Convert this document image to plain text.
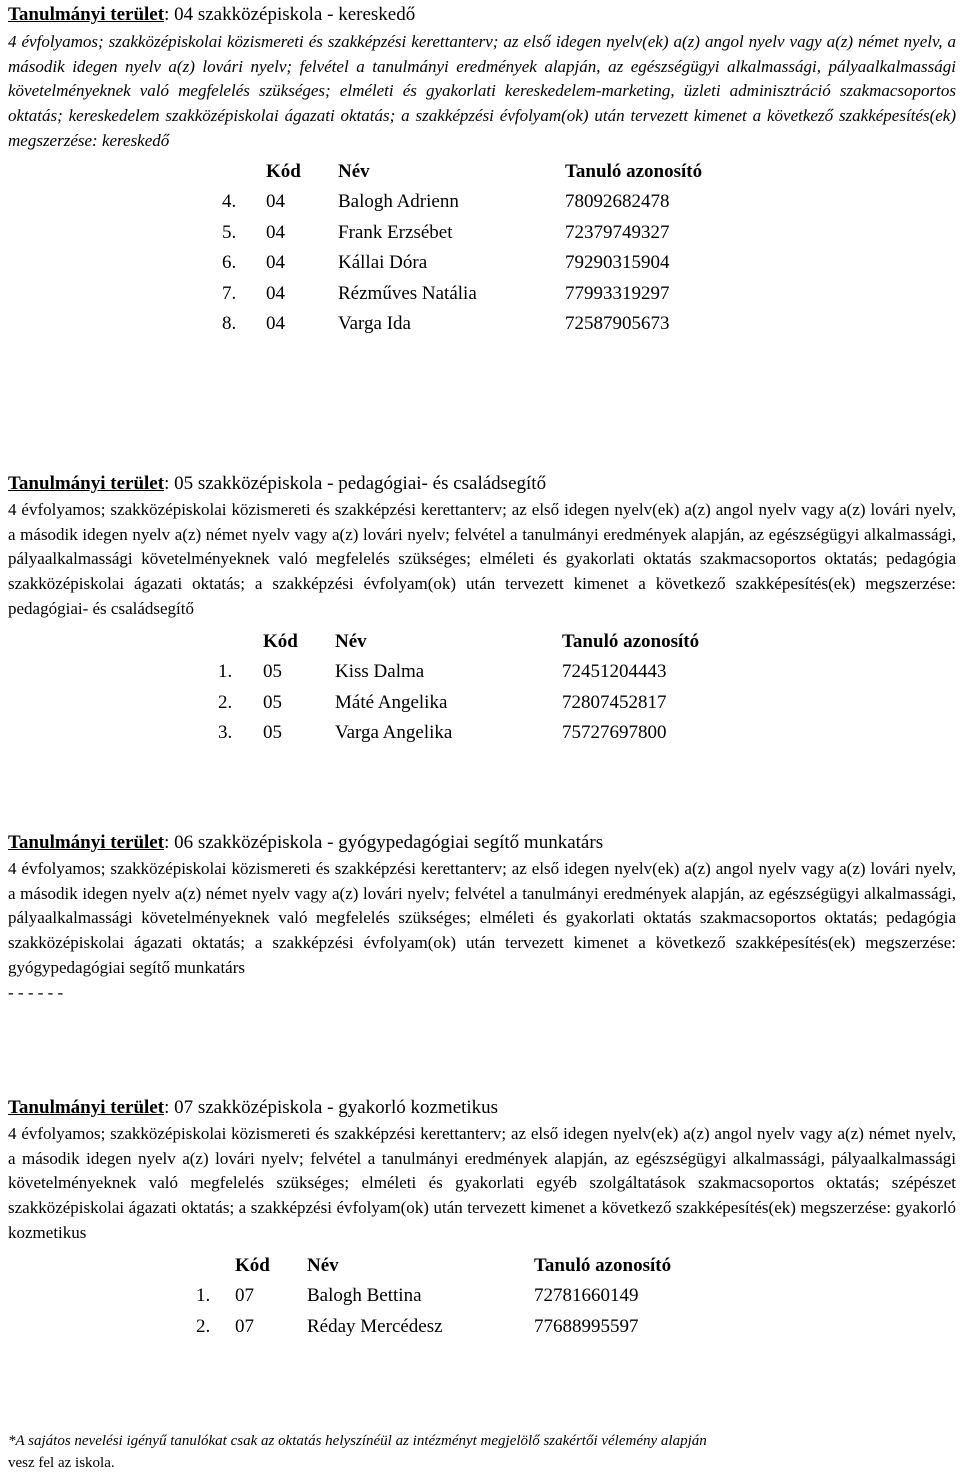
Tanulmányi terület: 04 szakközépiskola - kereskedő

4 évfolyamos; szakközépiskolai közismereti és szakképzési kerettanterv; az első idegen nyelv(ek) a(z) angol nyelv vagy a(z) német nyelv, a második idegen nyelv a(z) lovári nyelv; felvétel a tanulmányi eredmények alapján, az egészségügyi alkalmassági, pályaalkalmassági követelményeknek való megfelelés szükséges; elméleti és gyakorlati kereskedelem-marketing, üzleti adminisztráció szakmacsoportos oktatás; kereskedelem szakközépiskolai ágazati oktatás; a szakképzési évfolyam(ok) után tervezett kimenet a következő szakképesítés(ek) megszerzése: kereskedő

	Kód	Név	Tanuló azonosító
4.	04	Balogh Adrienn	78092682478
5.	04	Frank Erzsébet	72379749327
6.	04	Kállai Dóra	79290315904
7.	04	Rézműves Natália	77993319297
8.	04	Varga Ida	72587905673

Tanulmányi terület: 05 szakközépiskola - pedagógiai- és családsegítő

4 évfolyamos; szakközépiskolai közismereti és szakképzési kerettanterv; az első idegen nyelv(ek) a(z) angol nyelv vagy a(z) lovári nyelv, a második idegen nyelv a(z) német nyelv vagy a(z) lovári nyelv; felvétel a tanulmányi eredmények alapján, az egészségügyi alkalmassági, pályaalkalmassági követelményeknek való megfelelés szükséges; elméleti és gyakorlati oktatás szakmacsoportos oktatás; pedagógia szakközépiskolai ágazati oktatás; a szakképzési évfolyam(ok) után tervezett kimenet a következő szakképesítés(ek) megszerzése: pedagógiai- és családsegítő

	Kód	Név	Tanuló azonosító
1.	05	Kiss Dalma	72451204443
2.	05	Máté Angelika	72807452817
3.	05	Varga Angelika	75727697800

Tanulmányi terület: 06 szakközépiskola - gyógypedagógiai segítő munkatárs

4 évfolyamos; szakközépiskolai közismereti és szakképzési kerettanterv; az első idegen nyelv(ek) a(z) angol nyelv vagy a(z) lovári nyelv, a második idegen nyelv a(z) német nyelv vagy a(z) lovári nyelv; felvétel a tanulmányi eredmények alapján, az egészségügyi alkalmassági, pályaalkalmassági követelményeknek való megfelelés szükséges; elméleti és gyakorlati oktatás szakmacsoportos oktatás; pedagógia szakközépiskolai ágazati oktatás; a szakképzési évfolyam(ok) után tervezett kimenet a következő szakképesítés(ek) megszerzése: gyógypedagógiai segítő munkatárs

- - - - - -

Tanulmányi terület: 07 szakközépiskola - gyakorló kozmetikus

4 évfolyamos; szakközépiskolai közismereti és szakképzési kerettanterv; az első idegen nyelv(ek) a(z) angol nyelv vagy a(z) német nyelv, a második idegen nyelv a(z) lovári nyelv; felvétel a tanulmányi eredmények alapján, az egészségügyi alkalmassági, pályaalkalmassági követelményeknek való megfelelés szükséges; elméleti és gyakorlati egyéb szolgáltatások szakmacsoportos oktatás; szépészet szakközépiskolai ágazati oktatás; a szakképzési évfolyam(ok) után tervezett kimenet a következő szakképesítés(ek) megszerzése: gyakorló kozmetikus

	Kód	Név	Tanuló azonosító
1.	07	Balogh Bettina	72781660149
2.	07	Réday Mercédesz	77688995597
*A sajátos nevelési igényű tanulókat csak az oktatás helyszínéül az intézményt megjelölő szakértői vélemény alapján
vesz fel az iskola.
